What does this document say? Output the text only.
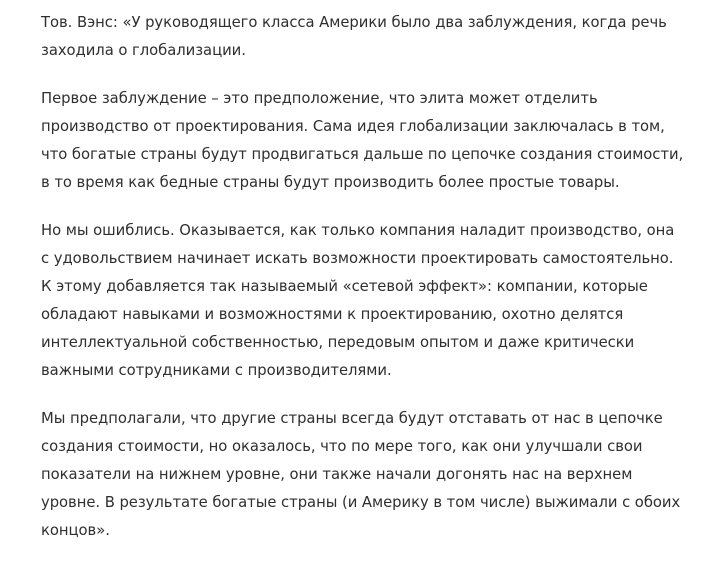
Тов. Вэнс: «У руководящего класса Америки было два заблуждения, когда речь
заходила о глобализации.

Первое заблуждение – это предположение, что элита может отделить
производство от проектирования. Сама идея глобализации заключалась в том,
что богатые страны будут продвигаться дальше по цепочке создания стоимости,
в то время как бедные страны будут производить более простые товары.

Но мы ошиблись. Оказывается, как только компания наладит производство, она
с удовольствием начинает искать возможности проектировать самостоятельно.
К этому добавляется так называемый «сетевой эффект»: компании, которые
обладают навыками и возможностями к проектированию, охотно делятся
интеллектуальной собственностью, передовым опытом и даже критически
важными сотрудниками с производителями.

Мы предполагали, что другие страны всегда будут отставать от нас в цепочке
создания стоимости, но оказалось, что по мере того, как они улучшали свои
показатели на нижнем уровне, они также начали догонять нас на верхнем
уровне. В результате богатые страны (и Америку в том числе) выжимали с обоих
концов».
